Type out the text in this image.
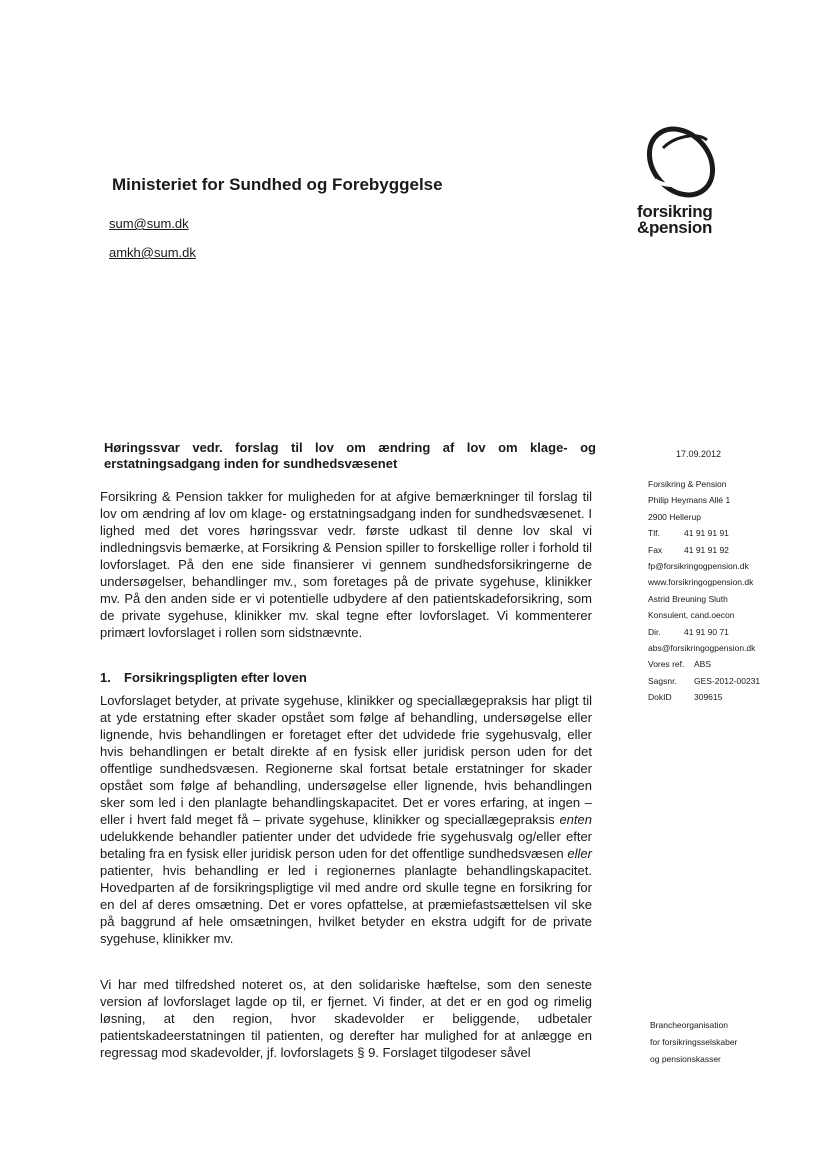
Ministeriet for Sundhed og Forebyggelse
sum@sum.dk
amkh@sum.dk
forsikring
&pension
Høringssvar vedr. forslag til lov om ændring af lov om klage- og erstatningsadgang inden for sundhedsvæsenet

Forsikring & Pension takker for muligheden for at afgive bemærkninger til forslag til lov om ændring af lov om klage- og erstatningsadgang inden for sundhedsvæsenet. I lighed med det vores høringssvar vedr. første udkast til denne lov skal vi indledningsvis bemærke, at Forsikring & Pension spiller to forskellige roller i forhold til lovforslaget. På den ene side finansierer vi gennem sundhedsforsikringerne de undersøgelser, behandlinger mv., som foretages på de private sygehuse, klinikker mv. På den anden side er vi potentielle udbydere af den patientskadeforsikring, som de private sygehuse, klinikker mv. skal tegne efter lovforslaget. Vi kommenterer primært lovforslaget i rollen som sidstnævnte.

1. Forsikringspligten efter loven

Lovforslaget betyder, at private sygehuse, klinikker og speciallægepraksis har pligt til at yde erstatning efter skader opstået som følge af behandling, undersøgelse eller lignende, hvis behandlingen er foretaget efter det udvidede frie sygehusvalg, eller hvis behandlingen er betalt direkte af en fysisk eller juridisk person uden for det offentlige sundhedsvæsen. Regionerne skal fortsat betale erstatninger for skader opstået som følge af behandling, undersøgelse eller lignende, hvis behandlingen sker som led i den planlagte behandlingskapacitet. Det er vores erfaring, at ingen – eller i hvert fald meget få – private sygehuse, klinikker og speciallægepraksis enten udelukkende behandler patienter under det udvidede frie sygehusvalg og/eller efter betaling fra en fysisk eller juridisk person uden for det offentlige sundhedsvæsen eller patienter, hvis behandling er led i regionernes planlagte behandlingskapacitet. Hovedparten af de forsikringspligtige vil med andre ord skulle tegne en forsikring for en del af deres omsætning. Det er vores opfattelse, at præmiefastsættelsen vil ske på baggrund af hele omsætningen, hvilket betyder en ekstra udgift for de private sygehuse, klinikker mv.

Vi har med tilfredshed noteret os, at den solidariske hæftelse, som den seneste version af lovforslaget lagde op til, er fjernet. Vi finder, at det er en god og rimelig løsning, at den region, hvor skadevolder er beliggende, udbetaler patientskadeerstatningen til patienten, og derefter har mulighed for at anlægge en regressag mod skadevolder, jf. lovforslagets § 9. Forslaget tilgodeser såvel

17.09.2012
Forsikring & Pension
Philip Heymans Allé 1
2900 Hellerup
Tlf.	41 91 91 91
Fax	41 91 91 92
fp@forsikringogpension.dk
www.forsikringogpension.dk
Astrid Breuning Sluth
Konsulent, cand.oecon
Dir.	41 91 90 71
abs@forsikringogpension.dk
Vores ref. ABS
Sagsnr. GES-2012-00231
DokID	309615
Brancheorganisation
for forsikringsselskaber
og pensionskasser
